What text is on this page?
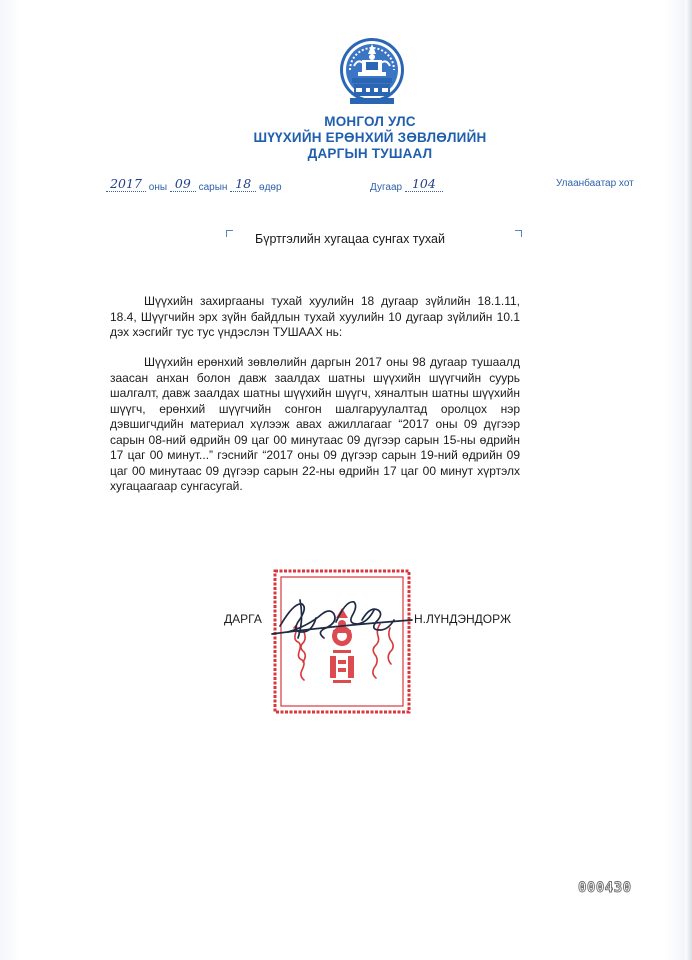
МОНГОЛ УЛС
ШҮҮХИЙН ЕРӨНХИЙ ЗӨВЛӨЛИЙН
ДАРГЫН ТУШААЛ
2017 оны 09 сарын 18 өдөр	Дугаар 104	Улаанбаатар хот
Бүртгэлийн хугацаа сунгах тухай
Шүүхийн захиргааны тухай хуулийн 18 дугаар зүйлийн 18.1.11, 18.4, Шүүгчийн эрх зүйн байдлын тухай хуулийн 10 дугаар зүйлийн 10.1 дэх хэсгийг тус тус үндэслэн ТУШААХ нь:
Шүүхийн ерөнхий зөвлөлийн даргын 2017 оны 98 дугаар тушаалд заасан анхан болон давж заалдах шатны шүүхийн шүүгчийн суурь шалгалт, давж заалдах шатны шүүхийн шүүгч, хяналтын шатны шүүхийн шүүгч, ерөнхий шүүгчийн сонгон шалгаруулалтад оролцох нэр дэвшигчдийн материал хүлээж авах ажиллагааг “2017 оны 09 дүгээр сарын 08-ний өдрийн 09 цаг 00 минутаас 09 дүгээр сарын 15-ны өдрийн 17 цаг 00 минут...” гэснийг “2017 оны 09 дүгээр сарын 19-ний өдрийн 09 цаг 00 минутаас 09 дүгээр сарын 22-ны өдрийн 17 цаг 00 минут хүртэлх хугацаагаар сунгасугай.
ДАРГА	Н.ЛҮНДЭНДОРЖ
000430
